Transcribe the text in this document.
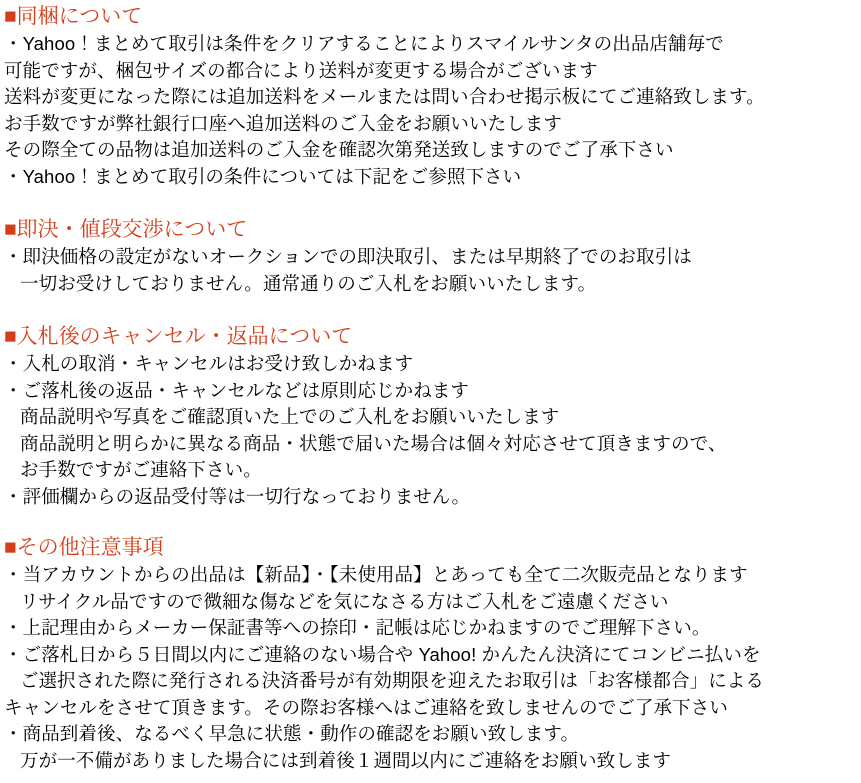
■同梱について
・Yahoo！まとめて取引は条件をクリアすることによりスマイルサンタの出品店舗毎で
可能ですが、梱包サイズの都合により送料が変更する場合がございます
送料が変更になった際には追加送料をメールまたは問い合わせ掲示板にてご連絡致します。
お手数ですが弊社銀行口座へ追加送料のご入金をお願いいたします
その際全ての品物は追加送料のご入金を確認次第発送致しますのでご了承下さい
・Yahoo！まとめて取引の条件については下記をご参照下さい
■即決・値段交渉について
・即決価格の設定がないオークションでの即決取引、または早期終了でのお取引は
一切お受けしておりません。通常通りのご入札をお願いいたします。
■入札後のキャンセル・返品について
・入札の取消・キャンセルはお受け致しかねます
・ご落札後の返品・キャンセルなどは原則応じかねます
商品説明や写真をご確認頂いた上でのご入札をお願いいたします
商品説明と明らかに異なる商品・状態で届いた場合は個々対応させて頂きますので、
お手数ですがご連絡下さい。
・評価欄からの返品受付等は一切行なっておりません。
■その他注意事項
・当アカウントからの出品は【新品】・【未使用品】とあっても全て二次販売品となります
リサイクル品ですので微細な傷などを気になさる方はご入札をご遠慮ください
・上記理由からメーカー保証書等への捺印・記帳は応じかねますのでご理解下さい。
・ご落札日から５日間以内にご連絡のない場合や Yahoo! かんたん決済にてコンビニ払いを
ご選択された際に発行される決済番号が有効期限を迎えたお取引は「お客様都合」による
キャンセルをさせて頂きます。その際お客様へはご連絡を致しませんのでご了承下さい
・商品到着後、なるべく早急に状態・動作の確認をお願い致します。
万が一不備がありました場合には到着後１週間以内にご連絡をお願い致します
